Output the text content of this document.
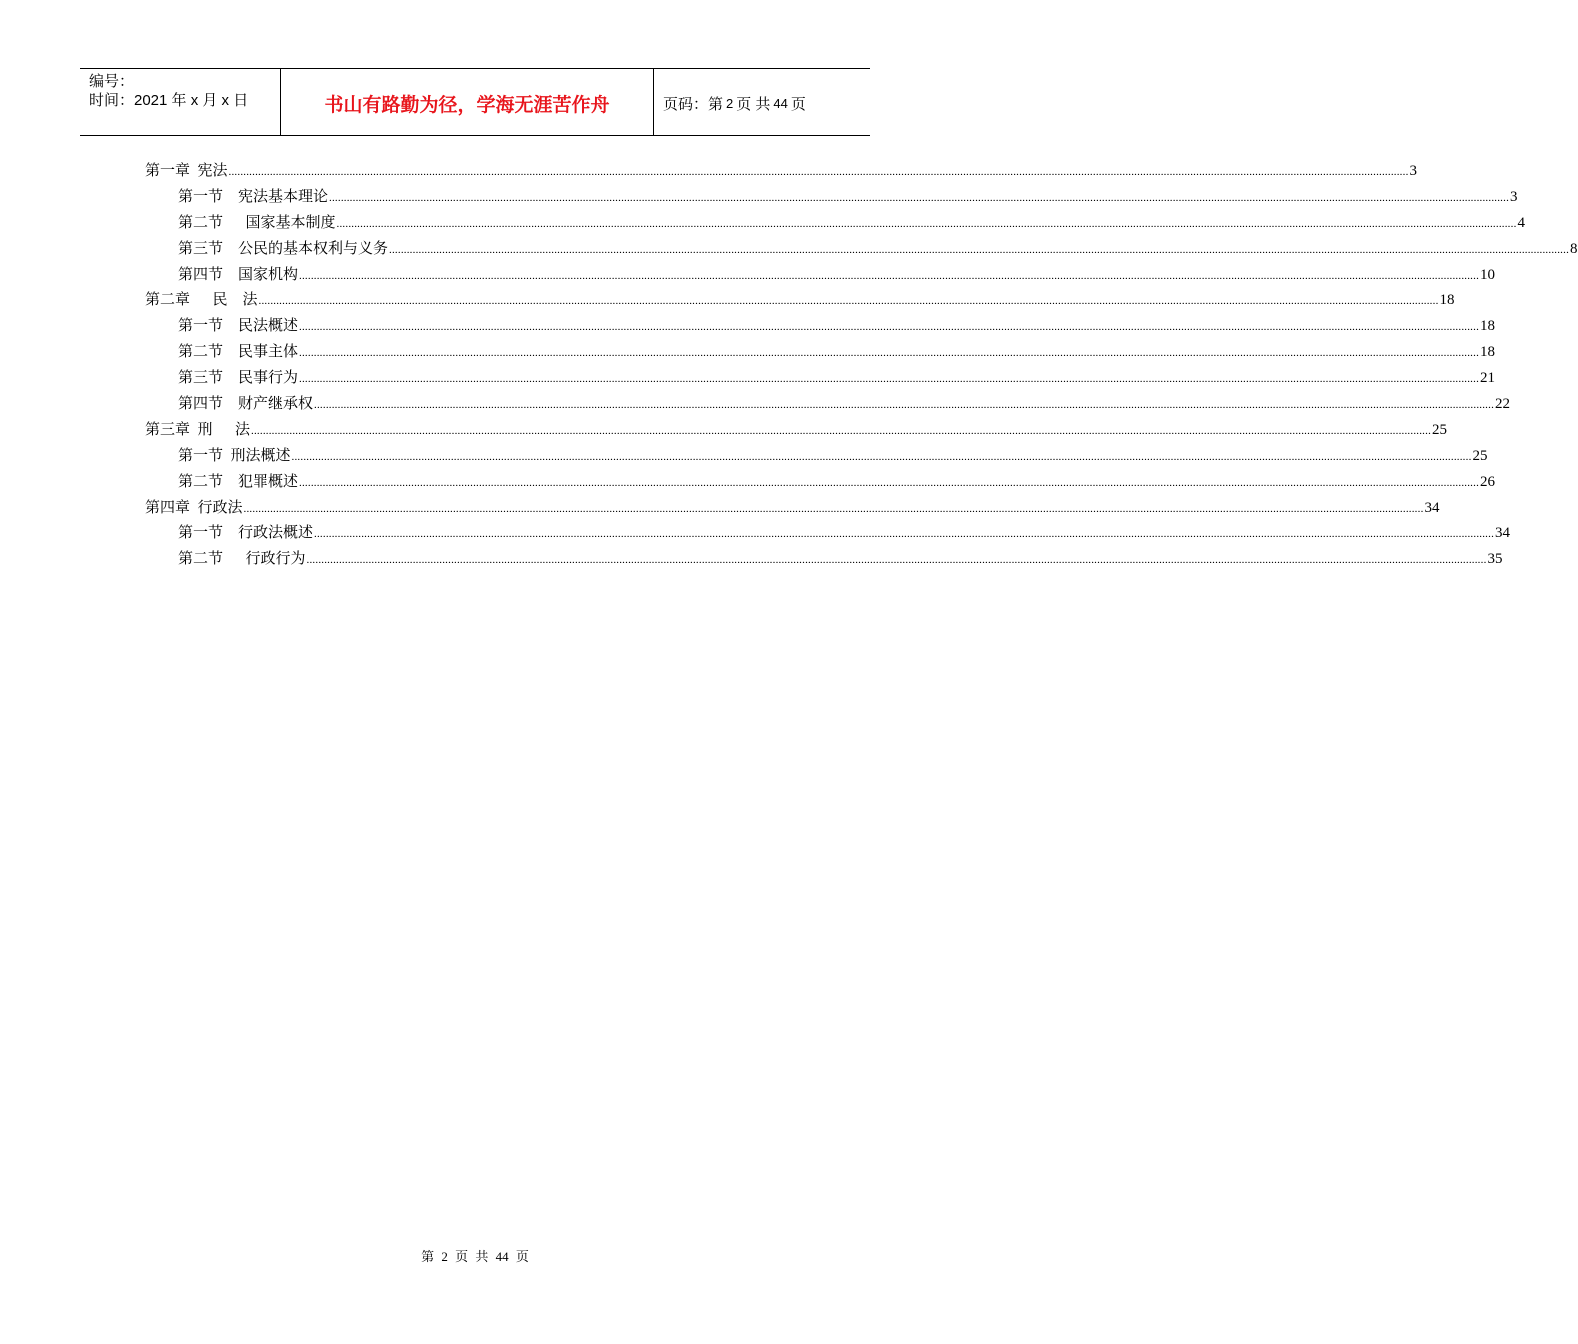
编号：
时间：2021 年 x 月 x 日	书山有路勤为径，学海无涯苦作舟	页码：第 2 页 共 44 页
第一章  宪法 ................................................................................................................................................................................................................................................................................................................................................................................................................ 3
第一节    宪法基本理论 ................................................................................................................................................................................................................................................................................................................................................................................................................ 3
第二节      国家基本制度 ................................................................................................................................................................................................................................................................................................................................................................................................................ 4
第三节    公民的基本权利与义务 ................................................................................................................................................................................................................................................................................................................................................................................................................ 8
第四节    国家机构 ................................................................................................................................................................................................................................................................................................................................................................................................................ 10
第二章      民    法 ................................................................................................................................................................................................................................................................................................................................................................................................................ 18
第一节    民法概述 ................................................................................................................................................................................................................................................................................................................................................................................................................ 18
第二节    民事主体 ................................................................................................................................................................................................................................................................................................................................................................................................................ 18
第三节    民事行为 ................................................................................................................................................................................................................................................................................................................................................................................................................ 21
第四节    财产继承权 ................................................................................................................................................................................................................................................................................................................................................................................................................ 22
第三章  刑      法 ................................................................................................................................................................................................................................................................................................................................................................................................................ 25
第一节  刑法概述 ................................................................................................................................................................................................................................................................................................................................................................................................................ 25
第二节    犯罪概述 ................................................................................................................................................................................................................................................................................................................................................................................................................ 26
第四章  行政法 ................................................................................................................................................................................................................................................................................................................................................................................................................ 34
第一节    行政法概述 ................................................................................................................................................................................................................................................................................................................................................................................................................ 34
第二节      行政行为 ................................................................................................................................................................................................................................................................................................................................................................................................................ 35
第 2 页 共 44 页
